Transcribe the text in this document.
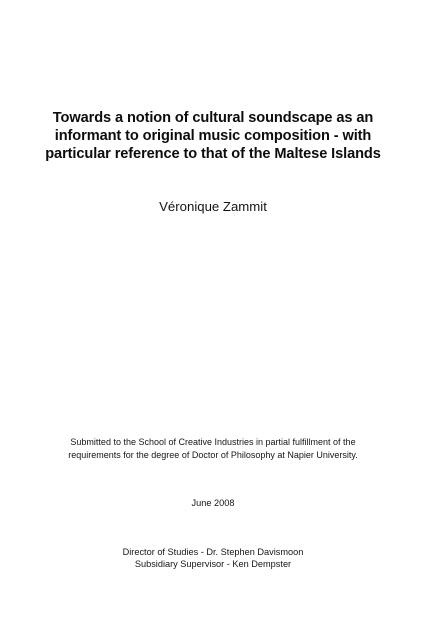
Towards a notion of cultural soundscape as an
informant to original music composition - with
particular reference to that of the Maltese Islands
Véronique Zammit
Submitted to the School of Creative Industries in partial fulfillment of the
requirements for the degree of Doctor of Philosophy at Napier University.
June 2008
Director of Studies - Dr. Stephen Davismoon
Subsidiary Supervisor - Ken Dempster
